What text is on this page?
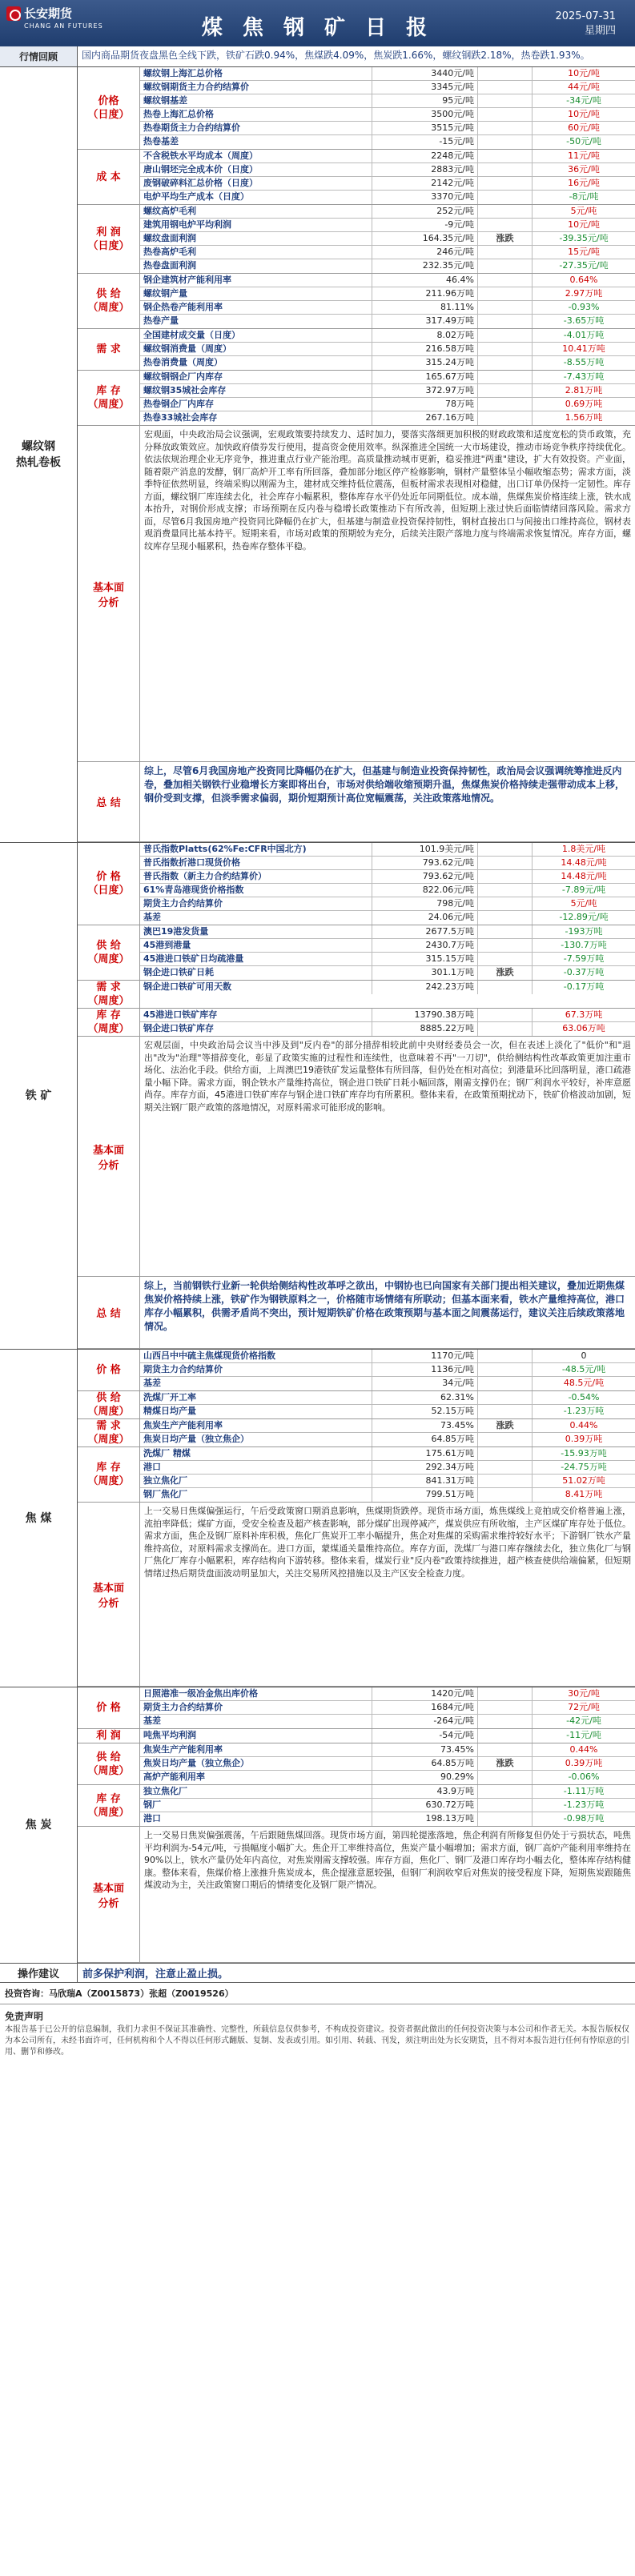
长安期货
CHANG AN FUTURES	煤 焦 钢 矿 日 报	2025-07-31
星期四
行情回顾	国内商品期货夜盘黑色全线下跌，铁矿石跌0.94%，焦煤跌4.09%，焦炭跌1.66%，螺纹钢跌2.18%，热卷跌1.93%。
螺纹钢
热轧卷板
价格
（日度）
螺纹钢上海汇总价格	3440元/吨	10元/吨
螺纹钢期货主力合约结算价	3345元/吨	44元/吨
螺纹钢基差	95元/吨	-34元/吨
热卷上海汇总价格	3500元/吨	10元/吨
热卷期货主力合约结算价	3515元/吨	60元/吨
热卷基差	-15元/吨	-50元/吨
成 本
不含税铁水平均成本（周度）	2248元/吨	11元/吨
唐山钢坯完全成本价（日度）	2883元/吨	36元/吨
废钢破碎料汇总价格（日度）	2142元/吨	16元/吨
电炉平均生产成本（日度）	3370元/吨	-8元/吨
利 润
（日度）
螺纹高炉毛利	252元/吨	5元/吨
建筑用钢电炉平均利润	-9元/吨	10元/吨
螺纹盘面利润	164.35元/吨	涨跌	-39.35元/吨
热卷高炉毛利	246元/吨	15元/吨
热卷盘面利润	232.35元/吨	-27.35元/吨
供 给
（周度）
钢企建筑材产能利用率	46.4%	0.64%
螺纹钢产量	211.96万吨	2.97万吨
钢企热卷产能利用率	81.11%	-0.93%
热卷产量	317.49万吨	-3.65万吨
需 求
全国建材成交量（日度）	8.02万吨	-4.01万吨
螺纹钢消费量（周度）	216.58万吨	10.41万吨
热卷消费量（周度）	315.24万吨	-8.55万吨
库 存
（周度）
螺纹钢钢企厂内库存	165.67万吨	-7.43万吨
螺纹钢35城社会库存	372.97万吨	2.81万吨
热卷钢企厂内库存	78万吨	0.69万吨
热卷33城社会库存	267.16万吨	1.56万吨
基本面
分析
宏观面，中央政治局会议强调，宏观政策要持续发力、适时加力，要落实落细更加积极的财政政策和适度宽松的货币政策，充分释放政策效应。加快政府债券发行使用，提高资金使用效率。纵深推进全国统一大市场建设，推动市场竞争秩序持续优化。依法依规治理企业无序竞争，推进重点行业产能治理。高质量推动城市更新，稳妥推进"两重"建设，扩大有效投资。产业面，随着限产消息的发酵，钢厂高炉开工率有所回落，叠加部分地区停产检修影响，钢材产量整体呈小幅收缩态势；需求方面，淡季特征依然明显，终端采购以刚需为主，建材成交维持低位震荡，但板材需求表现相对稳健，出口订单仍保持一定韧性。库存方面，螺纹钢厂库连续去化，社会库存小幅累积，整体库存水平仍处近年同期低位。成本端，焦煤焦炭价格连续上涨，铁水成本抬升，对钢价形成支撑；市场预期在反内卷与稳增长政策推动下有所改善，但短期上涨过快后面临情绪回落风险。需求方面，尽管6月我国房地产投资同比降幅仍在扩大，但基建与制造业投资保持韧性，钢材直接出口与间接出口维持高位，钢材表观消费量同比基本持平。短期来看，市场对政策的预期较为充分，后续关注限产落地力度与终端需求恢复情况。库存方面，螺纹库存呈现小幅累积，热卷库存整体平稳。
总 结
综上，尽管6月我国房地产投资同比降幅仍在扩大，但基建与制造业投资保持韧性，政治局会议强调统筹推进反内卷，叠加相关钢铁行业稳增长方案即将出台，市场对供给端收缩预期升温，焦煤焦炭价格持续走强带动成本上移，钢价受到支撑，但淡季需求偏弱，期价短期预计高位宽幅震荡，关注政策落地情况。
铁 矿
价 格
（日度）
普氏指数Platts(62%Fe:CFR中国北方)	101.9美元/吨	1.8美元/吨
普氏指数折港口现货价格	793.62元/吨	14.48元/吨
普氏指数（新主力合约结算价）	793.62元/吨	14.48元/吨
61%青岛港现货价格指数	822.06元/吨	-7.89元/吨
期货主力合约结算价	798元/吨	5元/吨
基差	24.06元/吨	-12.89元/吨
供 给
（周度）
澳巴19港发货量	2677.5万吨	-193万吨
45港到港量	2430.7万吨	-130.7万吨
45港进口铁矿日均疏港量	315.15万吨	-7.59万吨
钢企进口铁矿日耗	301.1万吨	涨跌	-0.37万吨
需 求
（周度）
钢企进口铁矿可用天数	242.23万吨	-0.17万吨
库 存
（周度）
45港进口铁矿库存	13790.38万吨	67.3万吨
钢企进口铁矿库存	8885.22万吨	63.06万吨
基本面
分析
宏观层面，中央政治局会议当中涉及到"反内卷"的部分措辞相较此前中央财经委员会一次，但在表述上淡化了"低价"和"退出"改为"治理"等措辞变化，彰显了政策实施的过程性和连续性，也意味着不再"一刀切"，供给侧结构性改革政策更加注重市场化、法治化手段。供给方面，上周澳巴19港铁矿发运量整体有所回落，但仍处在相对高位；到港量环比回落明显，港口疏港量小幅下降。需求方面，钢企铁水产量维持高位，钢企进口铁矿日耗小幅回落，刚需支撑仍在；钢厂利润水平较好，补库意愿尚存。库存方面，45港进口铁矿库存与钢企进口铁矿库存均有所累积。整体来看，在政策预期扰动下，铁矿价格波动加剧，短期关注钢厂限产政策的落地情况，对原料需求可能形成的影响。
总 结
综上，当前钢铁行业新一轮供给侧结构性改革呼之欲出，中钢协也已向国家有关部门提出相关建议，叠加近期焦煤焦炭价格持续上涨，铁矿作为钢铁原料之一，价格随市场情绪有所联动；但基本面来看，铁水产量维持高位，港口库存小幅累积，供需矛盾尚不突出，预计短期铁矿价格在政策预期与基本面之间震荡运行，建议关注后续政策落地情况。
焦 煤
价 格
山西吕中中硫主焦煤现货价格指数	1170元/吨	0
期货主力合约结算价	1136元/吨	-48.5元/吨
基差	34元/吨	48.5元/吨
供 给
（周度）
洗煤厂开工率	62.31%	-0.54%
精煤日均产量	52.15万吨	-1.23万吨
需 求
（周度）
焦炭生产产能利用率	73.45%	涨跌	0.44%
焦炭日均产量（独立焦企）	64.85万吨	0.39万吨
库 存
（周度）
洗煤厂 精煤	175.61万吨	-15.93万吨
港口	292.34万吨	-24.75万吨
独立焦化厂	841.31万吨	51.02万吨
钢厂焦化厂	799.51万吨	8.41万吨
基本面
分析
上一交易日焦煤偏强运行，午后受政策窗口期消息影响，焦煤期货跌停。现货市场方面，炼焦煤线上竞拍成交价格普遍上涨，流拍率降低；煤矿方面，受安全检查及超产核查影响，部分煤矿出现停减产，煤炭供应有所收缩，主产区煤矿库存处于低位。需求方面，焦企及钢厂原料补库积极，焦化厂焦炭开工率小幅提升，焦企对焦煤的采购需求维持较好水平；下游钢厂铁水产量维持高位，对原料需求支撑尚在。进口方面，蒙煤通关量维持高位。库存方面，洗煤厂与港口库存继续去化，独立焦化厂与钢厂焦化厂库存小幅累积，库存结构向下游转移。整体来看，煤炭行业"反内卷"政策持续推进，超产核查使供给端偏紧，但短期情绪过热后期货盘面波动明显加大，关注交易所风控措施以及主产区安全检查力度。
焦 炭
价 格
日照港准一级冶金焦出库价格	1420元/吨	30元/吨
期货主力合约结算价	1684元/吨	72元/吨
基差	-264元/吨	-42元/吨
利 润	吨焦平均利润	-54元/吨	-11元/吨
供 给
（周度）
焦炭生产产能利用率	73.45%	0.44%
焦炭日均产量（独立焦企）	64.85万吨	涨跌	0.39万吨
高炉产能利用率	90.29%	-0.06%
库 存
（周度）
独立焦化厂	43.9万吨	-1.11万吨
钢厂	630.72万吨	-1.23万吨
港口	198.13万吨	-0.98万吨
基本面
分析
上一交易日焦炭偏强震荡，午后跟随焦煤回落。现货市场方面，第四轮提涨落地，焦企利润有所修复但仍处于亏损状态，吨焦平均利润为-54元/吨，亏损幅度小幅扩大。焦企开工率维持高位，焦炭产量小幅增加；需求方面，钢厂高炉产能利用率维持在90%以上，铁水产量仍处年内高位，对焦炭刚需支撑较强。库存方面，焦化厂、钢厂及港口库存均小幅去化，整体库存结构健康。整体来看，焦煤价格上涨推升焦炭成本，焦企提涨意愿较强，但钢厂利润收窄后对焦炭的接受程度下降，短期焦炭跟随焦煤波动为主，关注政策窗口期后的情绪变化及钢厂限产情况。
操作建议	前多保护利润，注意止盈止损。
投资咨询：马欣瑞A（Z0015873）张超（Z0019526）
免责声明
本报告基于已公开的信息编制，我们力求但不保证其准确性、完整性，所载信息仅供参考，不构成投资建议。投资者据此做出的任何投资决策与本公司和作者无关。本报告版权仅为本公司所有，未经书面许可，任何机构和个人不得以任何形式翻版、复制、发表或引用。如引用、转载、刊发，须注明出处为长安期货，且不得对本报告进行任何有悖原意的引用、删节和修改。
